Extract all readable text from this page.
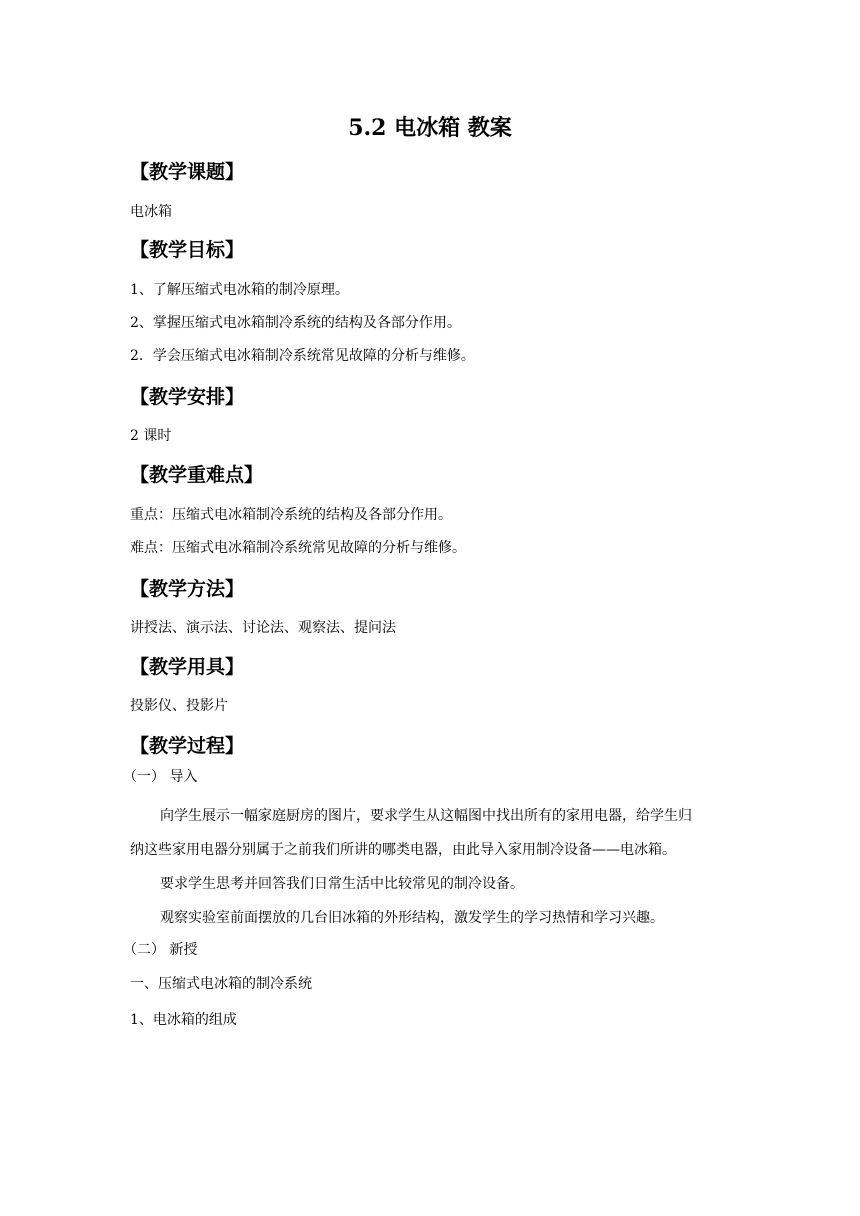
5.2 电冰箱 教案
【教学课题】
电冰箱
【教学目标】
1、了解压缩式电冰箱的制冷原理。
2、掌握压缩式电冰箱制冷系统的结构及各部分作用。
2．学会压缩式电冰箱制冷系统常见故障的分析与维修。
【教学安排】
2 课时
【教学重难点】
重点：压缩式电冰箱制冷系统的结构及各部分作用。
难点：压缩式电冰箱制冷系统常见故障的分析与维修。
【教学方法】
讲授法、演示法、讨论法、观察法、提问法
【教学用具】
投影仪、投影片
【教学过程】
（一） 导入
向学生展示一幅家庭厨房的图片，要求学生从这幅图中找出所有的家用电器，给学生归
纳这些家用电器分别属于之前我们所讲的哪类电器，由此导入家用制冷设备——电冰箱。
要求学生思考并回答我们日常生活中比较常见的制冷设备。
观察实验室前面摆放的几台旧冰箱的外形结构，激发学生的学习热情和学习兴趣。
（二） 新授
一、压缩式电冰箱的制冷系统
1、电冰箱的组成
